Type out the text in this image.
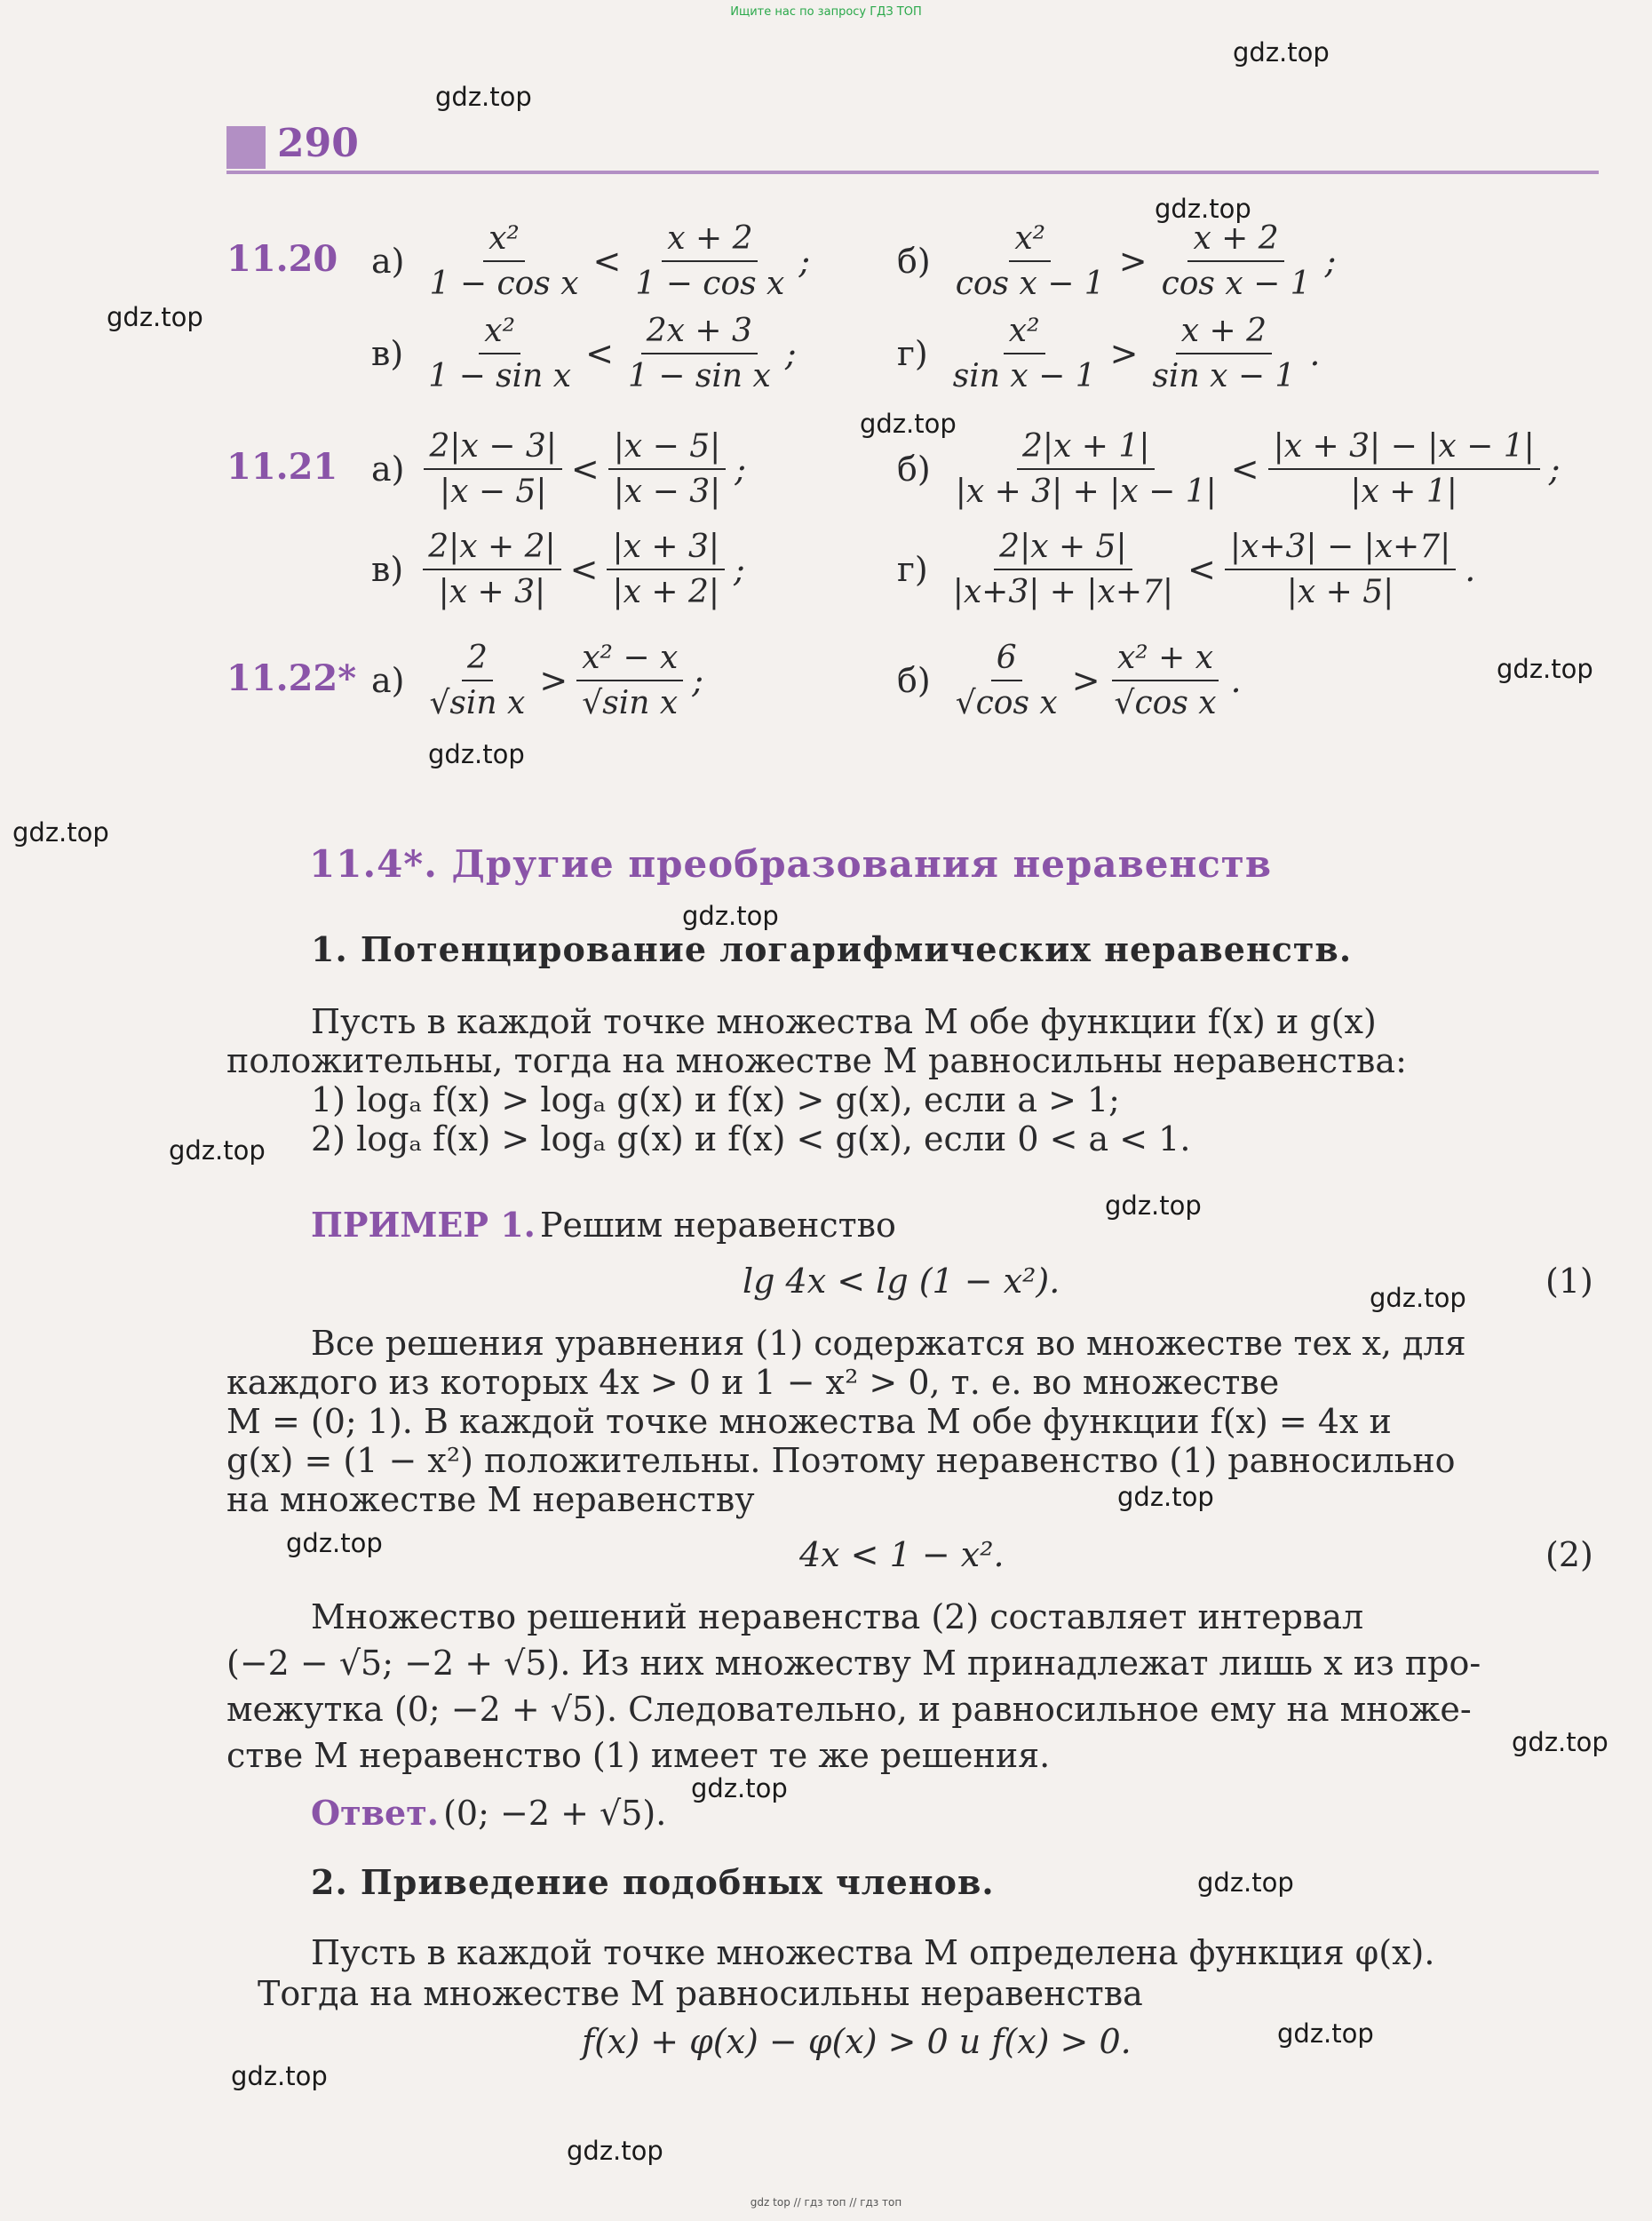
Ищите нас по запросу ГДЗ ТОП
gdz top // гдз топ // гдз топ
290
11.20 $а) \frac{\text{x²}}{\text{1 − cos x}} < \frac{x + 2}{\text{1 − cos x}}$ ;	$б) \frac{\text{x²}}{\text{cos x − 1}} > \frac{x + 2}{\text{cos x − 1}}$ ;
$в) \frac{\text{x²}}{\text{1 − sin x}} < \frac{2x + 3}{\text{1 − sin x}}$ ;	$г) \frac{\text{x²}}{\text{sin x − 1}} > \frac{x + 2}{\text{sin x − 1}}$ .
11.21 $а) \frac{2|x - 3|}{|x - 5|} < \frac{|x - 5|}{|x - 3|}$ ;	$б) \frac{2|x + 1|}{|x + 3| + |x - 1|} < \frac{|x + 3| - |x - 1|}{|x + 1|}$ ;
$в) \frac{2|x + 2|}{|x + 3|} < \frac{|x + 3|}{|x + 2|}$ ;	$г) \frac{2|x + 5|}{|x+3| + |x+7|} < \frac{|x+3| - |x+7|}{|x + 5|}$ .
11.22* $а) \frac{2}{\text{√sin x}} > \frac{\text{x² − x}}{\text{√sin x}}$ ;	$б) \frac{6}{\text{√cos x}} > \frac{\text{x² + x}}{\text{√cos x}}$ .
11.4*. Другие преобразования неравенств
1. Потенцирование логарифмических неравенств.
Пусть в каждой точке множества M обе функции f(x) и g(x)
положительны, тогда на множестве M равносильны неравенства:
1) logₐ f(x) > logₐ g(x) и f(x) > g(x), если a > 1;
2) logₐ f(x) > logₐ g(x) и f(x) < g(x), если 0 < a < 1.
ПРИМЕР 1. Решим неравенство
lg 4x < lg (1 − x²).	(1)
Все решения уравнения (1) содержатся во множестве тех x, для
каждого из которых 4x > 0 и 1 − x² > 0, т. е. во множестве
M = (0; 1). В каждой точке множества M обе функции f(x) = 4x и
g(x) = (1 − x²) положительны. Поэтому неравенство (1) равносильно
на множестве M неравенству
4x < 1 − x².	(2)
Множество решений неравенства (2) составляет интервал
(−2 − √5; −2 + √5). Из них множеству M принадлежат лишь x из про-
межутка (0; −2 + √5). Следовательно, и равносильное ему на множе-
стве M неравенство (1) имеет те же решения.
Ответ. (0; −2 + √5).
2. Приведение подобных членов.
Пусть в каждой точке множества M определена функция φ(x).
Тогда на множестве M равносильны неравенства
f(x) + φ(x) − φ(x) > 0 и f(x) > 0.
gdz.top
gdz.top
gdz.top
gdz.top
gdz.top
gdz.top
gdz.top
gdz.top
gdz.top
gdz.top
gdz.top
gdz.top
gdz.top
gdz.top
gdz.top
gdz.top
gdz.top
gdz.top
gdz.top
gdz.top
